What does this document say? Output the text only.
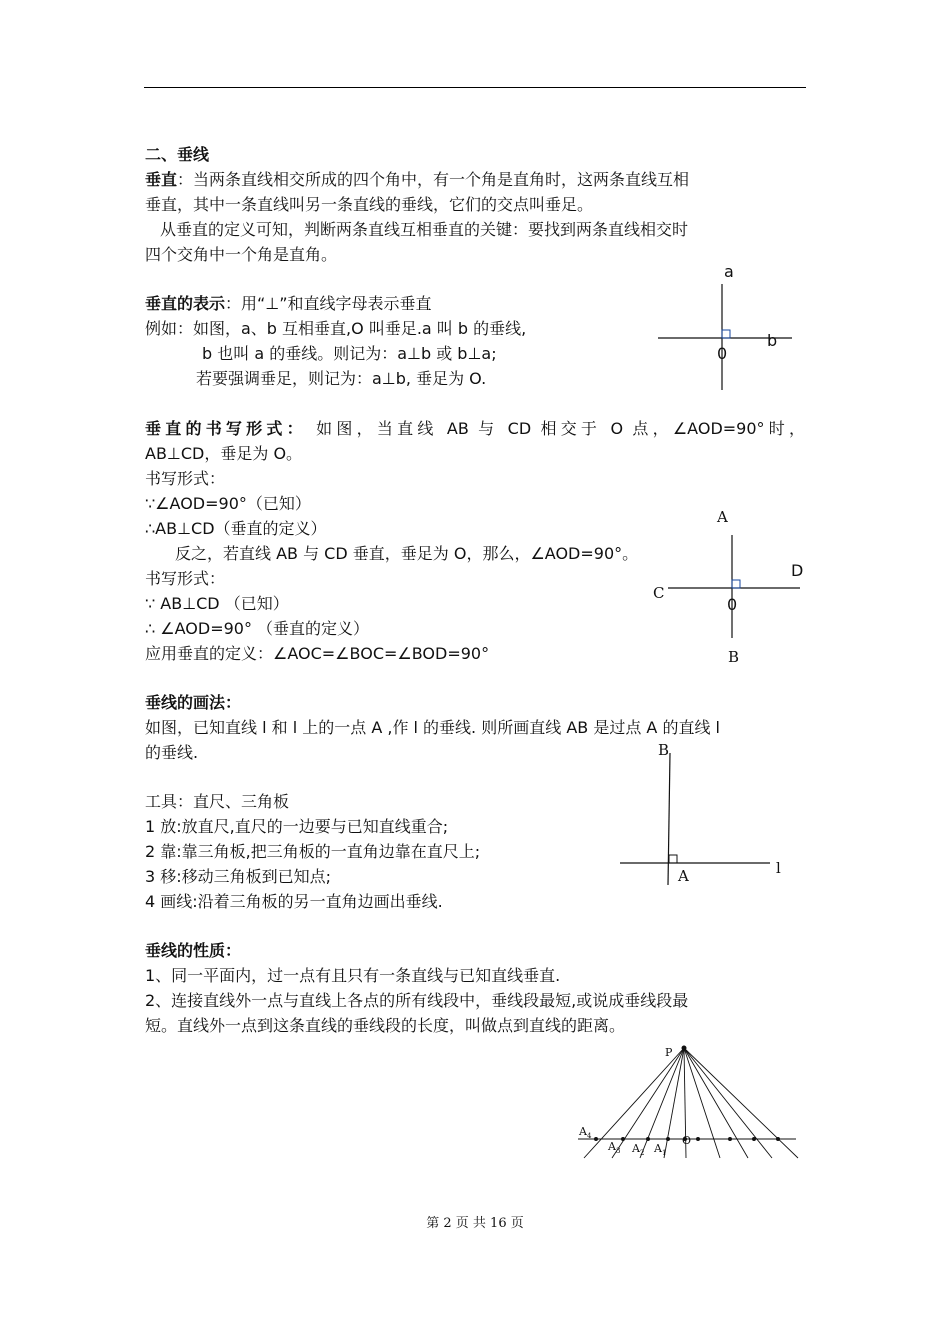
二、垂线
垂直：当两条直线相交所成的四个角中，有一个角是直角时，这两条直线互相
垂直，其中一条直线叫另一条直线的垂线，它们的交点叫垂足。
从垂直的定义可知，判断两条直线互相垂直的关键：要找到两条直线相交时
四个交角中一个角是直角。
垂直的表示：用“⊥”和直线字母表示垂直
例如：如图，a、b 互相垂直,O 叫垂足.a 叫 b 的垂线,
b 也叫 a 的垂线。则记为：a⊥b 或 b⊥a;
若要强调垂足，则记为：a⊥b, 垂足为 O.
a
b
0
垂直的书写形式： 如图，当直线 AB 与 CD 相交于 O 点，∠AOD=90°时，
AB⊥CD，垂足为 O。
书写形式：
∵∠AOD=90°（已知）
∴AB⊥CD（垂直的定义）
反之，若直线 AB 与 CD 垂直，垂足为 O，那么，∠AOD=90°。
书写形式：
∵ AB⊥CD （已知）
∴ ∠AOD=90° （垂直的定义）
应用垂直的定义：∠AOC=∠BOC=∠BOD=90°
A
C
D
0
B
垂线的画法：
如图，已知直线 l 和 l 上的一点 A ,作 l 的垂线. 则所画直线 AB 是过点 A 的直线 l
的垂线.
工具：直尺、三角板
1 放:放直尺,直尺的一边要与已知直线重合;
2 靠:靠三角板,把三角板的一直角边靠在直尺上;
3 移:移动三角板到已知点;
4 画线:沿着三角板的另一直角边画出垂线.
B
A	l
垂线的性质：
1、同一平面内，过一点有且只有一条直线与已知直线垂直.
2、连接直线外一点与直线上各点的所有线段中，垂线段最短,或说成垂线段最
短。直线外一点到这条直线的垂线段的长度，叫做点到直线的距离。
P
$A_4$
$A_3$ $A_2$ $A_1$
O
第 2 页 共 16 页
